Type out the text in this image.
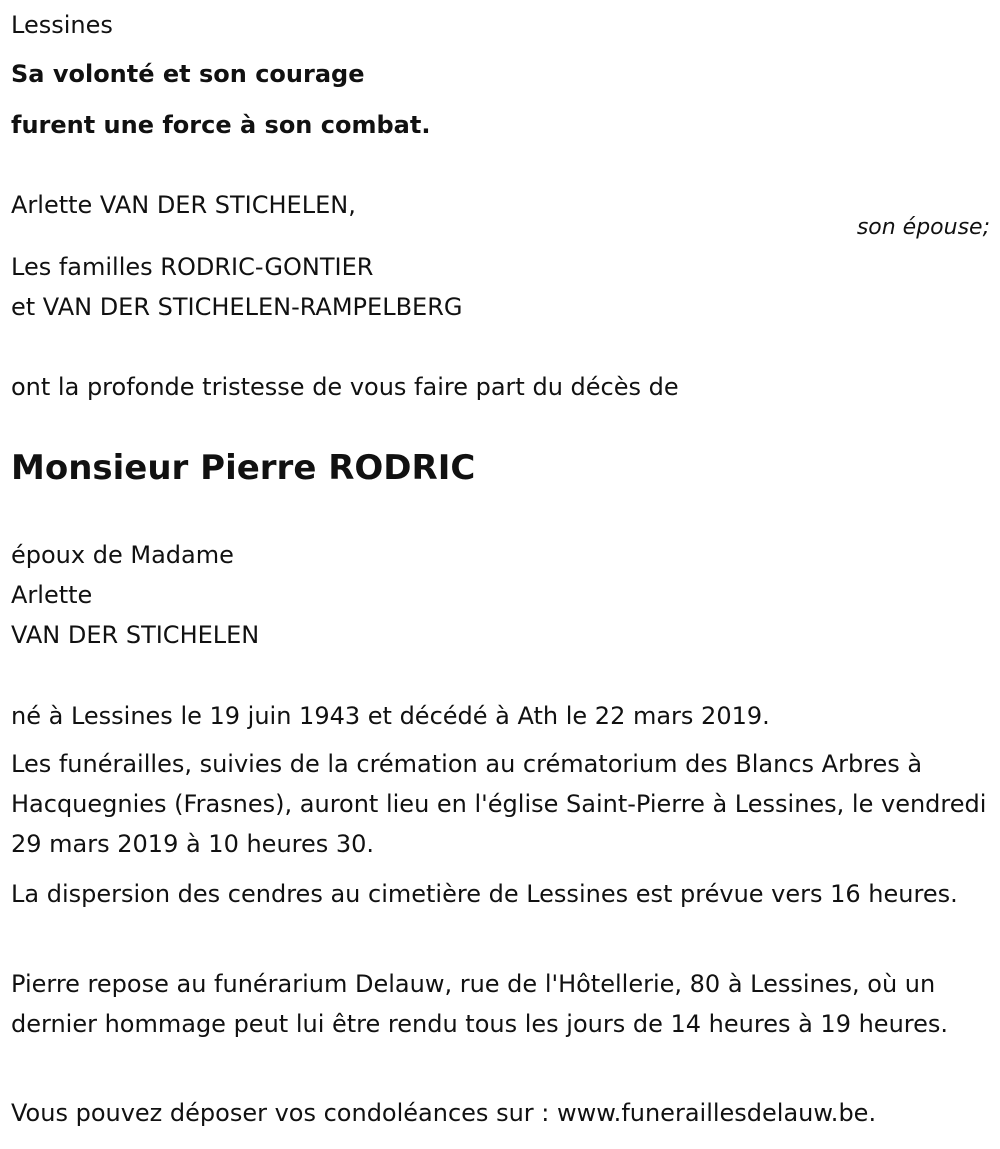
Lessines

Sa volonté et son courage

furent une force à son combat.

Arlette VAN DER STICHELEN,

son épouse;

Les familles RODRIC-GONTIER

et VAN DER STICHELEN-RAMPELBERG

ont la profonde tristesse de vous faire part du décès de

Monsieur Pierre RODRIC

époux de Madame

Arlette

VAN DER STICHELEN

né à Lessines le 19 juin 1943 et décédé à Ath le 22 mars 2019.

Les funérailles, suivies de la crémation au crématorium des Blancs Arbres à Hacquegnies (Frasnes), auront lieu en l'église Saint-Pierre à Lessines, le vendredi 29 mars 2019 à 10 heures 30.

La dispersion des cendres au cimetière de Lessines est prévue vers 16 heures.

Pierre repose au funérarium Delauw, rue de l'Hôtellerie, 80 à Lessines, où un dernier hommage peut lui être rendu tous les jours de 14 heures à 19 heures.

Vous pouvez déposer vos condoléances sur : www.funeraillesdelauw.be.
